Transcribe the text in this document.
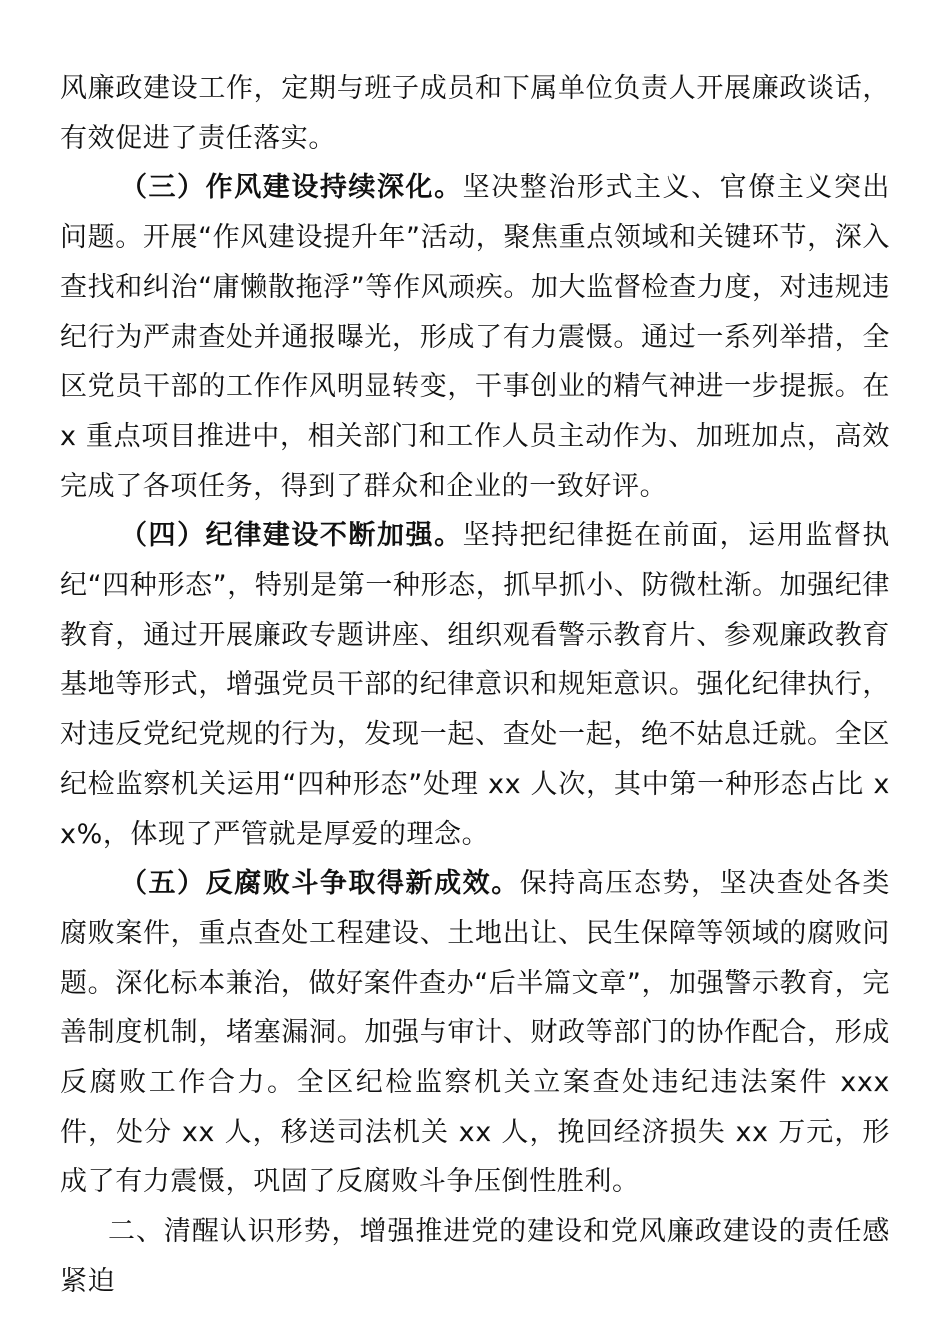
风廉政建设工作，定期与班子成员和下属单位负责人开展廉政谈话，有效促进了责任落实。

（三）作风建设持续深化。坚决整治形式主义、官僚主义突出问题。开展“作风建设提升年”活动，聚焦重点领域和关键环节，深入查找和纠治“庸懒散拖浮”等作风顽疾。加大监督检查力度，对违规违纪行为严肃查处并通报曝光，形成了有力震慑。通过一系列举措，全区党员干部的工作作风明显转变，干事创业的精气神进一步提振。在 x 重点项目推进中，相关部门和工作人员主动作为、加班加点，高效完成了各项任务，得到了群众和企业的一致好评。

（四）纪律建设不断加强。坚持把纪律挺在前面，运用监督执纪“四种形态”，特别是第一种形态，抓早抓小、防微杜渐。加强纪律教育，通过开展廉政专题讲座、组织观看警示教育片、参观廉政教育基地等形式，增强党员干部的纪律意识和规矩意识。强化纪律执行，对违反党纪党规的行为，发现一起、查处一起，绝不姑息迁就。全区纪检监察机关运用“四种形态”处理 xx 人次，其中第一种形态占比 xx%，体现了严管就是厚爱的理念。

（五）反腐败斗争取得新成效。保持高压态势，坚决查处各类腐败案件，重点查处工程建设、土地出让、民生保障等领域的腐败问题。深化标本兼治，做好案件查办“后半篇文章”，加强警示教育，完善制度机制，堵塞漏洞。加强与审计、财政等部门的协作配合，形成反腐败工作合力。全区纪检监察机关立案查处违纪违法案件 xxx 件，处分 xx 人，移送司法机关 xx 人，挽回经济损失 xx 万元，形成了有力震慑，巩固了反腐败斗争压倒性胜利。

二、清醒认识形势，增强推进党的建设和党风廉政建设的责任感紧迫
